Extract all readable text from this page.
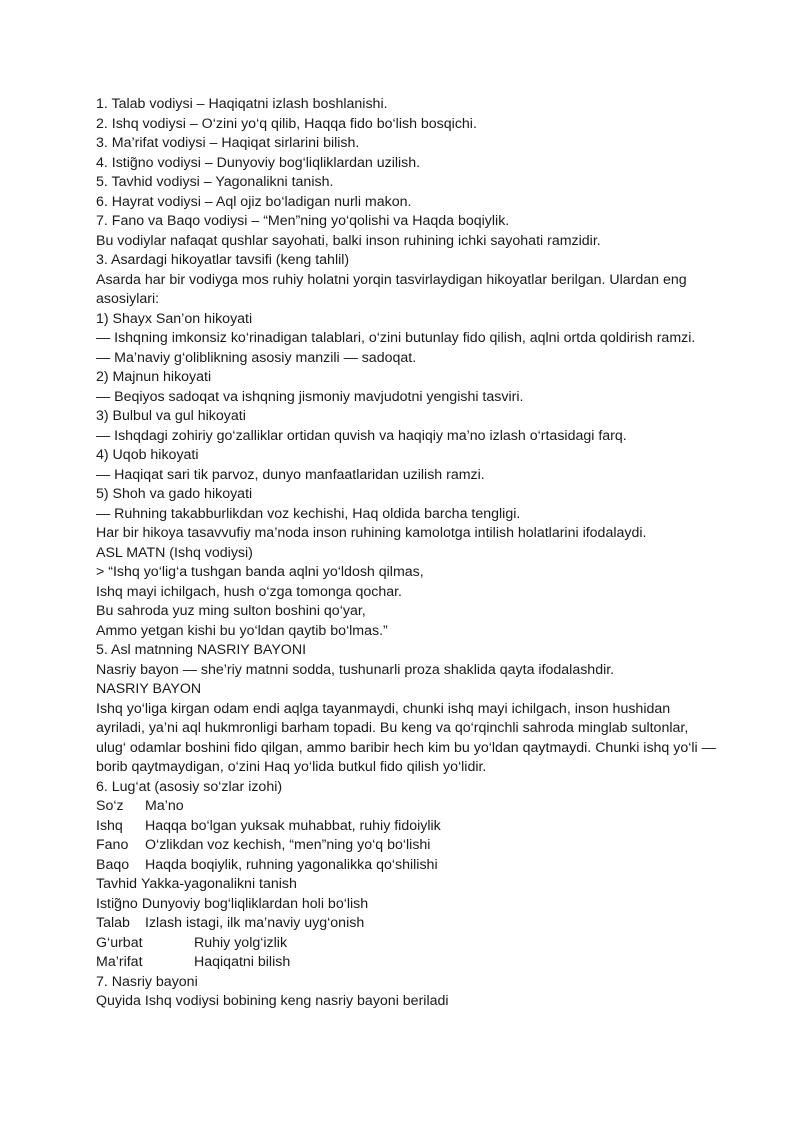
1. Talab vodiysi – Haqiqatni izlash boshlanishi.
2. Ishq vodiysi – O‘zini yo‘q qilib, Haqqa fido bo‘lish bosqichi.
3. Ma’rifat vodiysi – Haqiqat sirlarini bilish.
4. Istig̃no vodiysi – Dunyoviy bog‘liqliklardan uzilish.
5. Tavhid vodiysi – Yagonalikni tanish.
6. Hayrat vodiysi – Aql ojiz bo‘ladigan nurli makon.
7. Fano va Baqo vodiysi – “Men”ning yo‘qolishi va Haqda boqiylik.
Bu vodiylar nafaqat qushlar sayohati, balki inson ruhining ichki sayohati ramzidir.
3. Asardagi hikoyatlar tavsifi (keng tahlil)
Asarda har bir vodiyga mos ruhiy holatni yorqin tasvirlaydigan hikoyatlar berilgan. Ulardan eng asosiylari:
1) Shayx San’on hikoyati
— Ishqning imkonsiz ko‘rinadigan talablari, o‘zini butunlay fido qilish, aqlni ortda qoldirish ramzi.
— Ma’naviy g‘oliblikning asosiy manzili — sadoqat.
2) Majnun hikoyati
— Beqiyos sadoqat va ishqning jismoniy mavjudotni yengishi tasviri.
3) Bulbul va gul hikoyati
— Ishqdagi zohiriy go‘zalliklar ortidan quvish va haqiqiy ma’no izlash o‘rtasidagi farq.
4) Uqob hikoyati
— Haqiqat sari tik parvoz, dunyo manfaatlaridan uzilish ramzi.
5) Shoh va gado hikoyati
— Ruhning takabburlikdan voz kechishi, Haq oldida barcha tengligi.
Har bir hikoya tasavvufiy ma’noda inson ruhining kamolotga intilish holatlarini ifodalaydi.
ASL MATN (Ishq vodiysi)
> “Ishq yo‘lig‘a tushgan banda aqlni yo‘ldosh qilmas,
Ishq mayi ichilgach, hush o‘zga tomonga qochar.
Bu sahroda yuz ming sulton boshini qo‘yar,
Ammo yetgan kishi bu yo‘ldan qaytib bo‘lmas.”
5. Asl matnning NASRIY BAYONI
Nasriy bayon — she’riy matnni sodda, tushunarli proza shaklida qayta ifodalashdir.
NASRIY BAYON
Ishq yo‘liga kirgan odam endi aqlga tayanmaydi, chunki ishq mayi ichilgach, inson hushidan ayriladi, ya’ni aql hukmronligi barham topadi. Bu keng va qo‘rqinchli sahroda minglab sultonlar, ulug‘ odamlar boshini fido qilgan, ammo baribir hech kim bu yo‘ldan qaytmaydi. Chunki ishq yo‘li — borib qaytmaydigan, o‘zini Haq yo‘lida butkul fido qilish yo‘lidir.
6. Lug‘at (asosiy so‘zlar izohi)
So‘z	Ma’no
Ishq	Haqqa bo‘lgan yuksak muhabbat, ruhiy fidoiylik
Fano	O‘zlikdan voz kechish, “men”ning yo‘q bo‘lishi
Baqo	Haqda boqiylik, ruhning yagonalikka qo‘shilishi
Tavhid Yakka-yagonalikni tanish
Istig̃no Dunyoviy bog‘liqliklardan holi bo‘lish
Talab	Izlash istagi, ilk ma’naviy uyg‘onish
G‘urbat	Ruhiy yolg‘izlik
Ma’rifat	Haqiqatni bilish
7. Nasriy bayoni
Quyida Ishq vodiysi bobining keng nasriy bayoni beriladi
